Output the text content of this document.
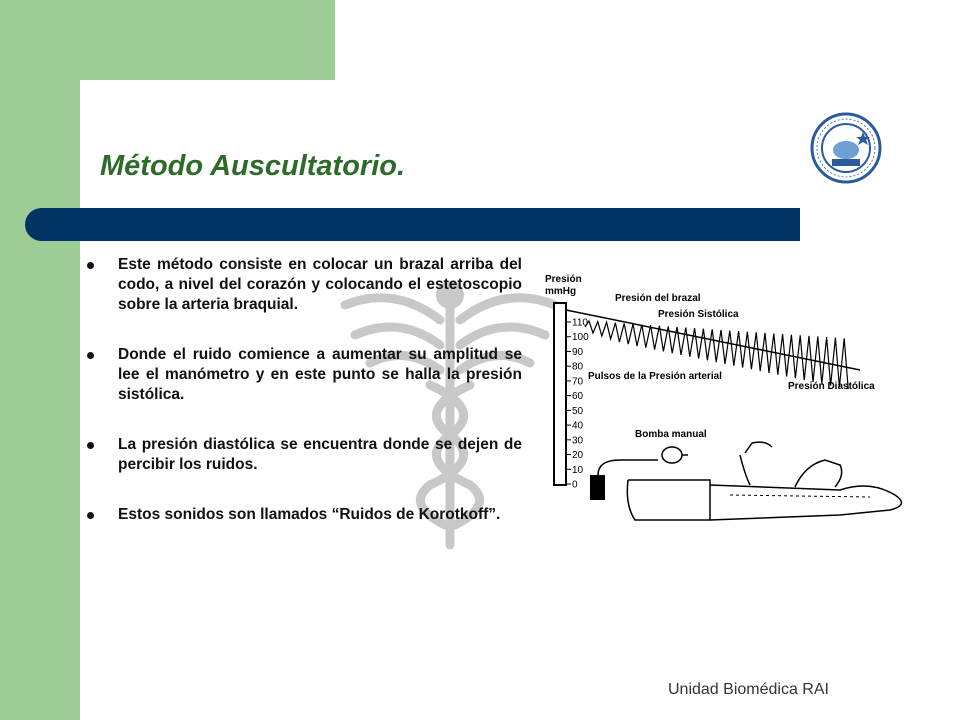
Método Auscultatorio.
Este método consiste en colocar un brazal arriba del codo, a nivel del corazón y colocando el estetoscopio sobre la arteria braquial.
Donde el ruido comience a aumentar su amplitud se lee el manómetro y en este punto se halla la presión sistólica.
La presión diastólica se encuentra donde se dejen de percibir los ruidos.
Estos sonidos son llamados “Ruidos de Korotkoff”.
Presión
mmHg
110
100
90
80
70
60
50
40
30
20
10
0
Presión del brazal
Presión Sistólica
Pulsos de la Presión arterial
Presión Diastólica
Bomba manual
Unidad Biomédica RAI
